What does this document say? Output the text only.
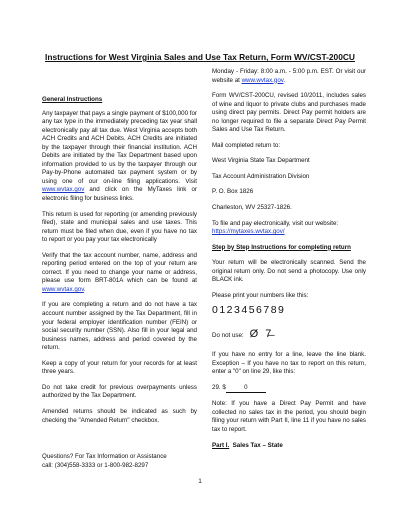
Instructions for West Virginia Sales and Use Tax Return, Form WV/CST-200CU
General Instructions

Any taxpayer that pays a single payment of $100,000 for any tax type in the immediately preceding tax year shall electronically pay all tax due. West Virginia accepts both ACH Credits and ACH Debits. ACH Credits are initiated by the taxpayer through their financial institution. ACH Debits are initiated by the Tax Department based upon information provided to us by the taxpayer through our Pay-by-Phone automated tax payment system or by using one of our on-line filing applications. Visit www.wvtax.gov and click on the MyTaxes link or electronic filing for business links.

This return is used for reporting (or amending previously filed), state and municipal sales and use taxes. This return must be filed when due, even if you have no tax to report or you pay your tax electronically

Verify that the tax account number, name, address and reporting period entered on the top of your return are correct. If you need to change your name or address, please use form BRT-801A which can be found at www.wvtax.gov.

If you are completing a return and do not have a tax account number assigned by the Tax Department, fill in your federal employer identification number (FEIN) or social security number (SSN). Also fill in your legal and business names, address and period covered by the return.

Keep a copy of your return for your records for at least three years.

Do not take credit for previous overpayments unless authorized by the Tax Department.

Amended returns should be indicated as such by checking the "Amended Return" checkbox.

Questions? For Tax Information or Assistance
call: (304)558-3333 or 1-800-982-8297

Monday - Friday: 8:00 a.m. - 5:00 p.m. EST. Or visit our website at www.wvtax.gov.

Form WV/CST-200CU, revised 10/2011, includes sales of wine and liquor to private clubs and purchases made using direct pay permits. Direct Pay permit holders are no longer required to file a separate Direct Pay Permit Sales and Use Tax Return.

Mail completed return to:

West Virginia State Tax Department

Tax Account Administration Division

P. O. Box 1826

Charleston, WV 25327-1826.

To file and pay electronically, visit our website: https://mytaxes.wvtax.gov/

Step by Step Instructions for completing return

Your return will be electronically scanned. Send the original return only. Do not send a photocopy. Use only BLACK ink.

Please print your numbers like this:

0123456789
Do not use: Ø 7̶

If you have no entry for a line, leave the line blank. Exception – If you have no tax to report on this return, enter a "0" on line 29, like this:

29. $	0

Note: If you have a Direct Pay Permit and have collected no sales tax in the period, you should begin filing your return with Part II, line 11 if you have no sales tax to report.

Part I. Sales Tax – State
1
